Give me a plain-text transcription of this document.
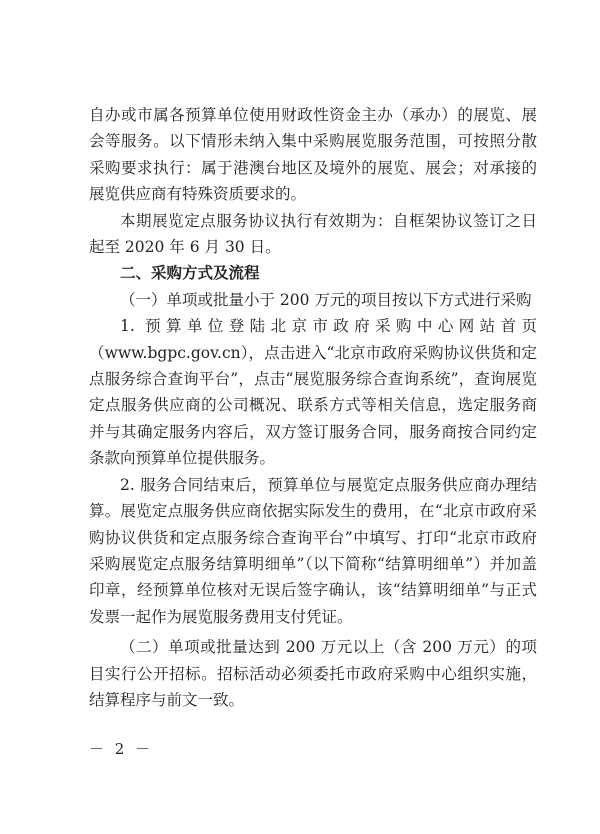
自办或市属各预算单位使用财政性资金主办（承办）的展览、展会等服务。以下情形未纳入集中采购展览服务范围，可按照分散采购要求执行：属于港澳台地区及境外的展览、展会；对承接的展览供应商有特殊资质要求的。

本期展览定点服务协议执行有效期为：自框架协议签订之日起至 2020 年 6 月 30 日。

二、采购方式及流程

（一）单项或批量小于 200 万元的项目按以下方式进行采购

1. 预算单位登陆北京市政府采购中心网站首页（www.bgpc.gov.cn），点击进入“北京市政府采购协议供货和定点服务综合查询平台”，点击“展览服务综合查询系统”，查询展览定点服务供应商的公司概况、联系方式等相关信息，选定服务商并与其确定服务内容后，双方签订服务合同，服务商按合同约定条款向预算单位提供服务。

2. 服务合同结束后，预算单位与展览定点服务供应商办理结算。展览定点服务供应商依据实际发生的费用，在“北京市政府采购协议供货和定点服务综合查询平台”中填写、打印“北京市政府采购展览定点服务结算明细单”（以下简称“结算明细单”）并加盖印章，经预算单位核对无误后签字确认，该“结算明细单”与正式发票一起作为展览服务费用支付凭证。

（二）单项或批量达到 200 万元以上（含 200 万元）的项目实行公开招标。招标活动必须委托市政府采购中心组织实施，结算程序与前文一致。

－ 2 －
